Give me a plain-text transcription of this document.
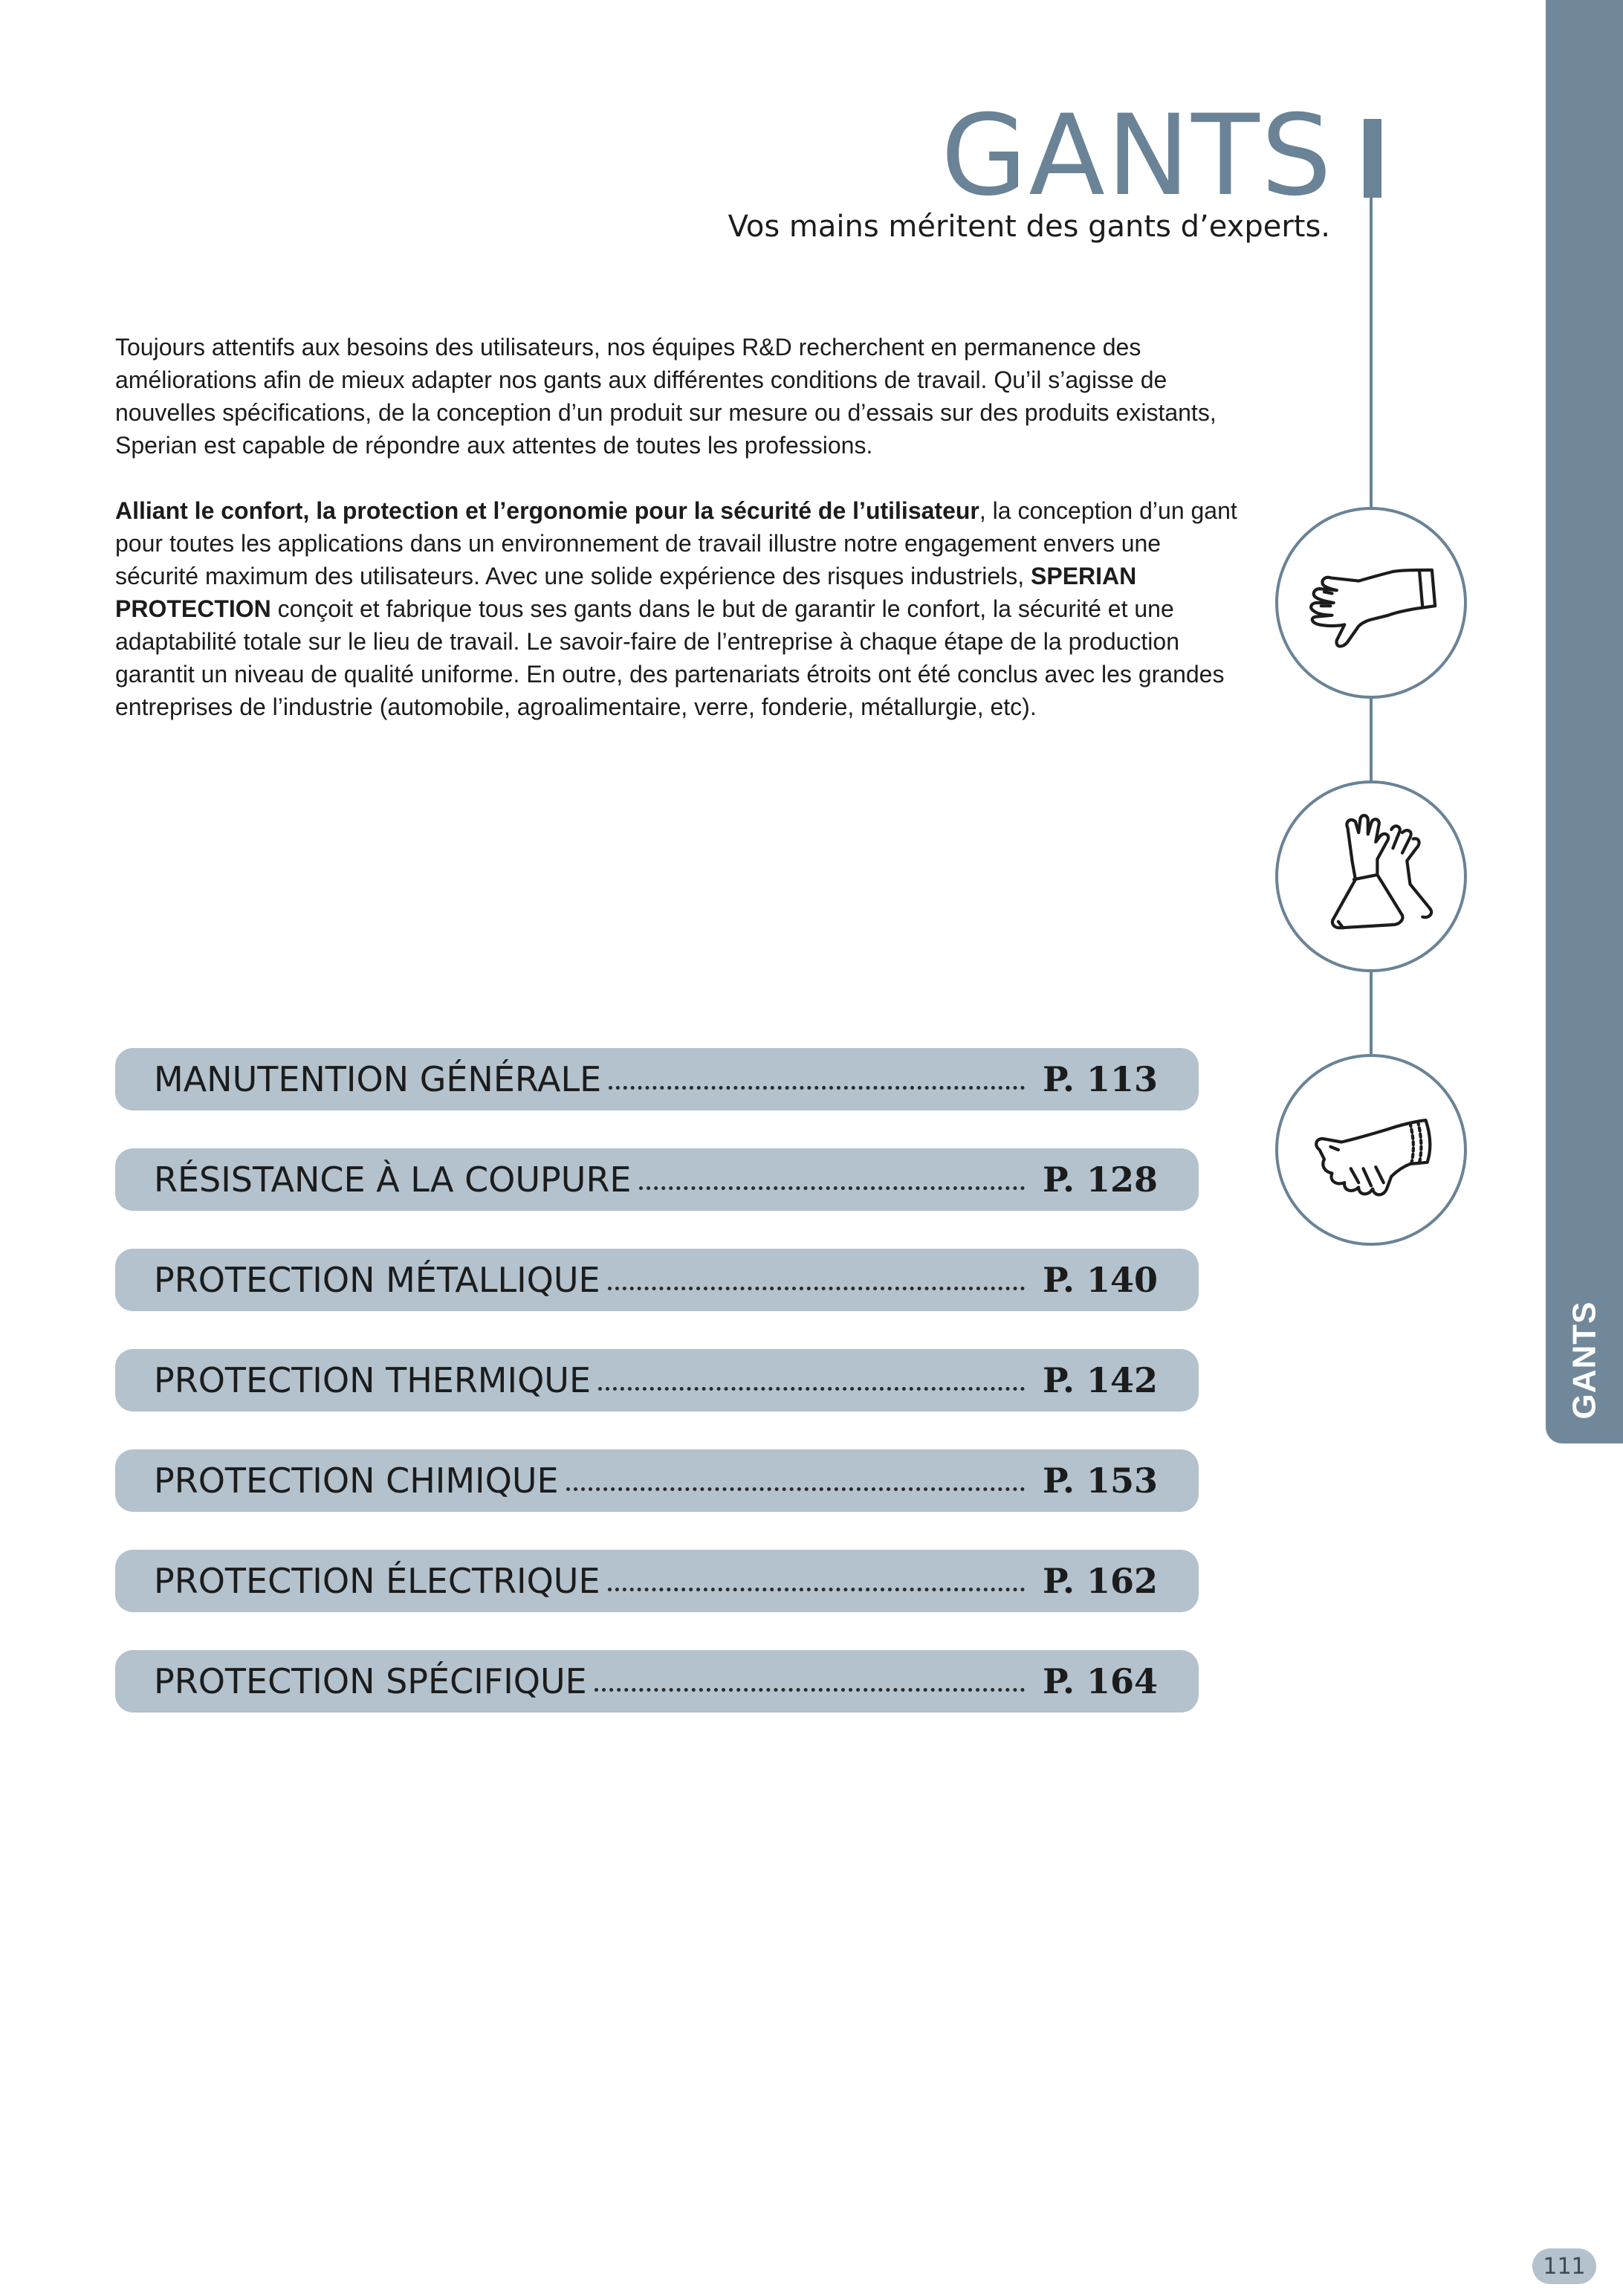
GANTS
GANTS

Vos mains méritent des gants d’experts.

Toujours attentifs aux besoins des utilisateurs, nos équipes R&D recherchent en permanence des améliorations afin de mieux adapter nos gants aux différentes conditions de travail. Qu’il s’agisse de nouvelles spécifications, de la conception d’un produit sur mesure ou d’essais sur des produits existants, Sperian est capable de répondre aux attentes de toutes les professions.

Alliant le confort, la protection et l’ergonomie pour la sécurité de l’utilisateur, la conception d’un gant pour toutes les applications dans un environnement de travail illustre notre engagement envers une sécurité maximum des utilisateurs. Avec une solide expérience des risques industriels, SPERIAN PROTECTION conçoit et fabrique tous ses gants dans le but de garantir le confort, la sécurité et une adaptabilité totale sur le lieu de travail. Le savoir-faire de l’entreprise à chaque étape de la production garantit un niveau de qualité uniforme. En outre, des partenariats étroits ont été conclus avec les grandes entreprises de l’industrie (automobile, agroalimentaire, verre, fonderie, métallurgie, etc).

MANUTENTION GÉNÉRALE	P. 113
RÉSISTANCE À LA COUPURE	P. 128
PROTECTION MÉTALLIQUE	P. 140
PROTECTION THERMIQUE	P. 142
PROTECTION CHIMIQUE	P. 153
PROTECTION ÉLECTRIQUE	P. 162
PROTECTION SPÉCIFIQUE	P. 164
111
